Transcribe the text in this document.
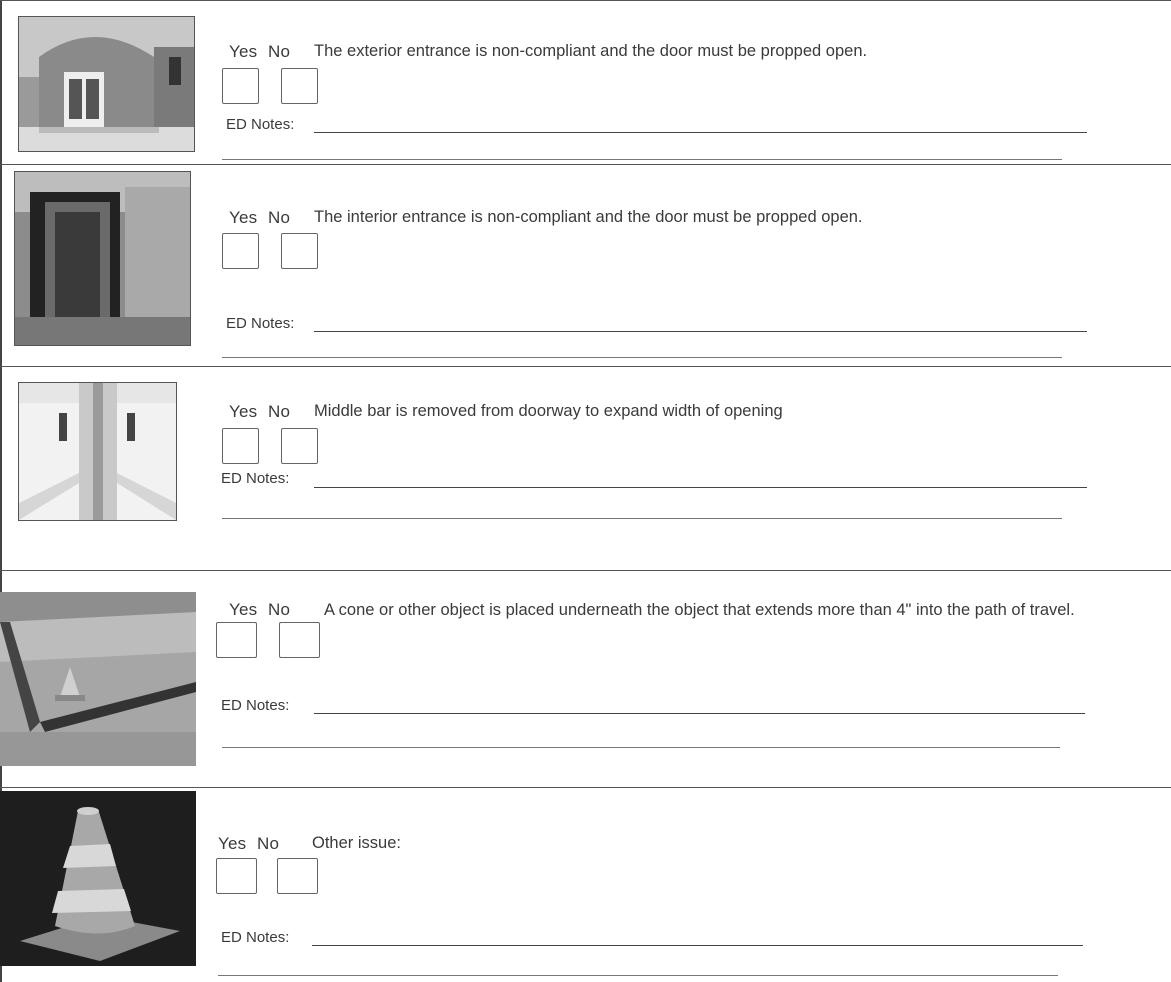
Yes No The exterior entrance is non-compliant and the door must be propped open.
ED Notes:
Yes No The interior entrance is non-compliant and the door must be propped open.
ED Notes:
Yes No Middle bar is removed from doorway to expand width of opening
ED Notes:
Yes No A cone or other object is placed underneath the object that extends more than 4" into the path of travel.
ED Notes:
Yes No Other issue:
ED Notes:
